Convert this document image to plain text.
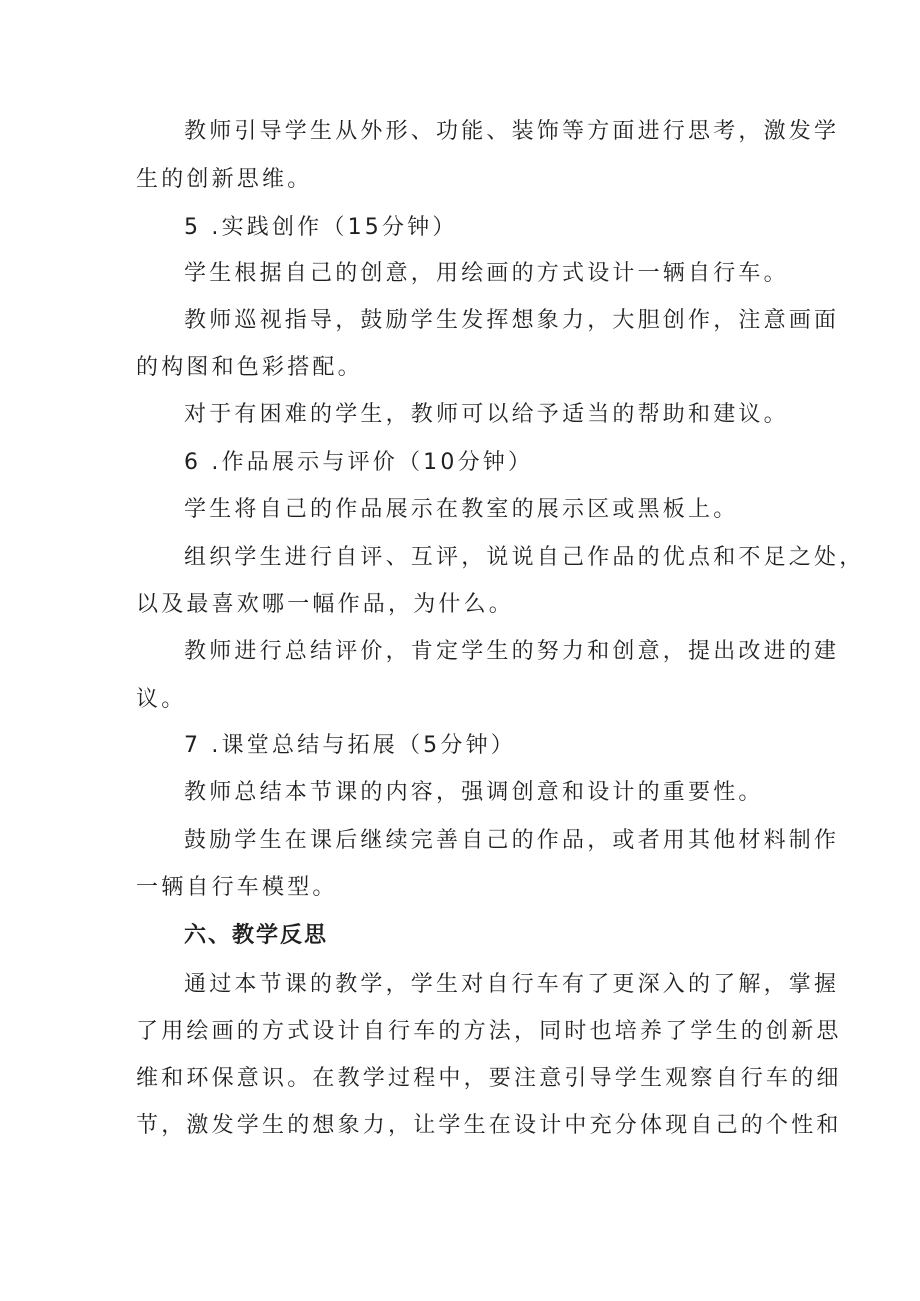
教师引导学生从外形、功能、装饰等方面进行思考，激发学

生的创新思维。

5 .实践创作（15分钟）

学生根据自己的创意，用绘画的方式设计一辆自行车。

教师巡视指导，鼓励学生发挥想象力，大胆创作，注意画面

的构图和色彩搭配。

对于有困难的学生，教师可以给予适当的帮助和建议。

6 .作品展示与评价（10分钟）

学生将自己的作品展示在教室的展示区或黑板上。

组织学生进行自评、互评，说说自己作品的优点和不足之处，

以及最喜欢哪一幅作品，为什么。

教师进行总结评价，肯定学生的努力和创意，提出改进的建

议。

7 .课堂总结与拓展（5分钟）

教师总结本节课的内容，强调创意和设计的重要性。

鼓励学生在课后继续完善自己的作品，或者用其他材料制作

一辆自行车模型。

六、教学反思

通过本节课的教学，学生对自行车有了更深入的了解，掌握

了用绘画的方式设计自行车的方法，同时也培养了学生的创新思

维和环保意识。在教学过程中，要注意引导学生观察自行车的细

节，激发学生的想象力，让学生在设计中充分体现自己的个性和
